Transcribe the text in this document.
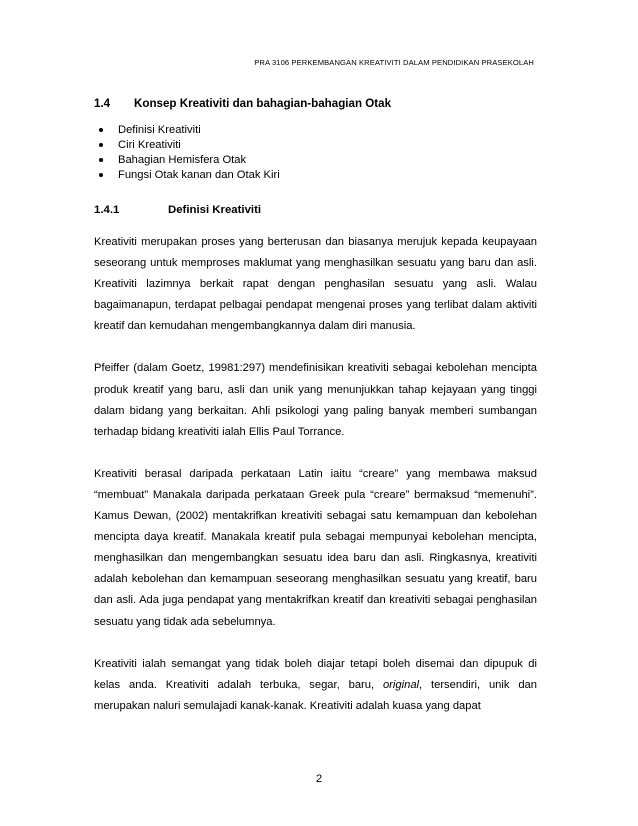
PRA 3106 PERKEMBANGAN KREATIVITI DALAM PENDIDIKAN PRASEKOLAH
1.4 Konsep Kreativiti dan bahagian-bahagian Otak
Definisi Kreativiti
Ciri Kreativiti
Bahagian Hemisfera Otak
Fungsi Otak kanan dan Otak Kiri
1.4.1	Definisi Kreativiti

Kreativiti merupakan proses yang berterusan dan biasanya merujuk kepada keupayaan seseorang untuk memproses maklumat yang menghasilkan sesuatu yang baru dan asli. Kreativiti lazimnya berkait rapat dengan penghasilan sesuatu yang asli. Walau bagaimanapun, terdapat pelbagai pendapat mengenai proses yang terlibat dalam aktiviti kreatif dan kemudahan mengembangkannya dalam diri manusia.

Pfeiffer (dalam Goetz, 19981:297) mendefinisikan kreativiti sebagai kebolehan mencipta produk kreatif yang baru, asli dan unik yang menunjukkan tahap kejayaan yang tinggi dalam bidang yang berkaitan. Ahli psikologi yang paling banyak memberi sumbangan terhadap bidang kreativiti ialah Ellis Paul Torrance.

Kreativiti berasal daripada perkataan Latin iaitu “creare” yang membawa maksud “membuat” Manakala daripada perkataan Greek pula “creare” bermaksud “memenuhi”. Kamus Dewan, (2002) mentakrifkan kreativiti sebagai satu kemampuan dan kebolehan mencipta daya kreatif. Manakala kreatif pula sebagai mempunyai kebolehan mencipta, menghasilkan dan mengembangkan sesuatu idea baru dan asli. Ringkasnya, kreativiti adalah kebolehan dan kemampuan seseorang menghasilkan sesuatu yang kreatif, baru dan asli. Ada juga pendapat yang mentakrifkan kreatif dan kreativiti sebagai penghasilan sesuatu yang tidak ada sebelumnya.

Kreativiti ialah semangat yang tidak boleh diajar tetapi boleh disemai dan dipupuk di kelas anda. Kreativiti adalah terbuka, segar, baru, original, tersendiri, unik dan merupakan naluri semulajadi kanak-kanak. Kreativiti adalah kuasa yang dapat

2
